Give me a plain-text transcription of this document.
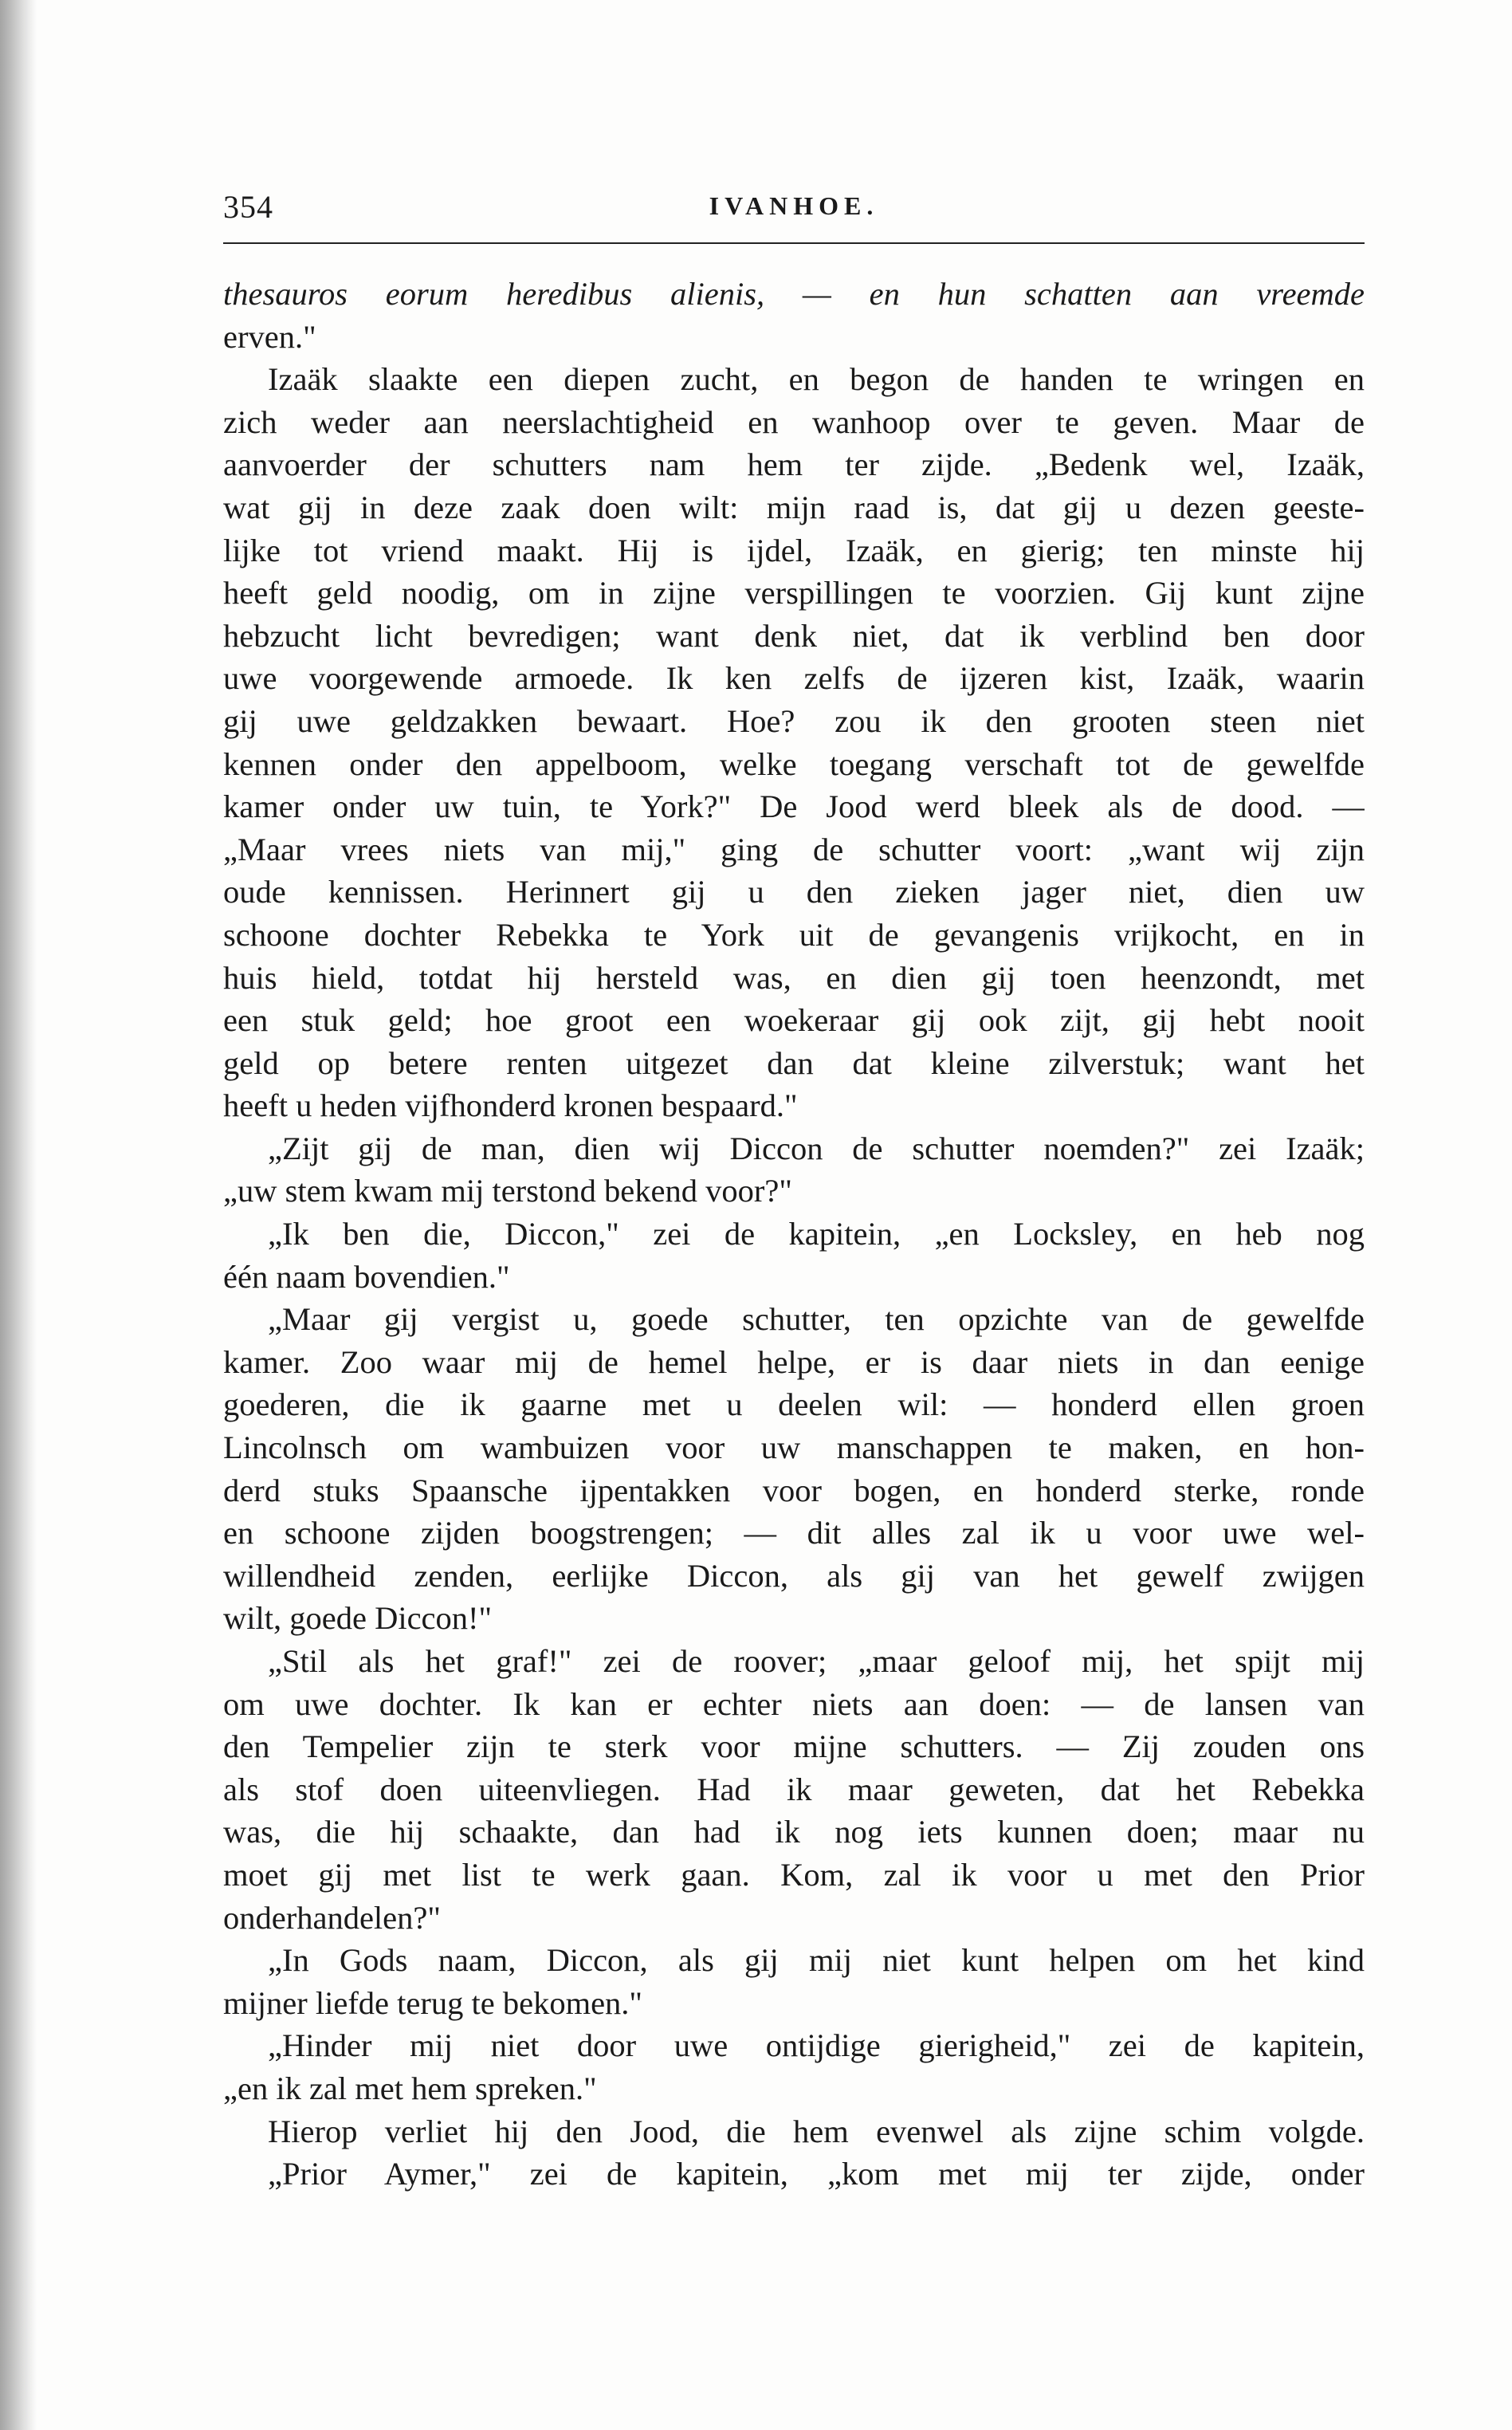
354	IVANHOE.
thesauros eorum heredibus alienis, — en hun schatten aan vreemde
erven."
Izaäk slaakte een diepen zucht, en begon de handen te wringen en
zich weder aan neerslachtigheid en wanhoop over te geven. Maar de
aanvoerder der schutters nam hem ter zijde. „Bedenk wel, Izaäk,
wat gij in deze zaak doen wilt: mijn raad is, dat gij u dezen geeste-
lijke tot vriend maakt. Hij is ijdel, Izaäk, en gierig; ten minste hij
heeft geld noodig, om in zijne verspillingen te voorzien. Gij kunt zijne
hebzucht licht bevredigen; want denk niet, dat ik verblind ben door
uwe voorgewende armoede. Ik ken zelfs de ijzeren kist, Izaäk, waarin
gij uwe geldzakken bewaart. Hoe? zou ik den grooten steen niet
kennen onder den appelboom, welke toegang verschaft tot de gewelfde
kamer onder uw tuin, te York?" De Jood werd bleek als de dood. —
„Maar vrees niets van mij," ging de schutter voort: „want wij zijn
oude kennissen. Herinnert gij u den zieken jager niet, dien uw
schoone dochter Rebekka te York uit de gevangenis vrijkocht, en in
huis hield, totdat hij hersteld was, en dien gij toen heenzondt, met
een stuk geld; hoe groot een woekeraar gij ook zijt, gij hebt nooit
geld op betere renten uitgezet dan dat kleine zilverstuk; want het
heeft u heden vijfhonderd kronen bespaard."
„Zijt gij de man, dien wij Diccon de schutter noemden?" zei Izaäk;
„uw stem kwam mij terstond bekend voor?"
„Ik ben die, Diccon," zei de kapitein, „en Locksley, en heb nog
één naam bovendien."
„Maar gij vergist u, goede schutter, ten opzichte van de gewelfde
kamer. Zoo waar mij de hemel helpe, er is daar niets in dan eenige
goederen, die ik gaarne met u deelen wil: — honderd ellen groen
Lincolnsch om wambuizen voor uw manschappen te maken, en hon-
derd stuks Spaansche ijpentakken voor bogen, en honderd sterke, ronde
en schoone zijden boogstrengen; — dit alles zal ik u voor uwe wel-
willendheid zenden, eerlijke Diccon, als gij van het gewelf zwijgen
wilt, goede Diccon!"
„Stil als het graf!" zei de roover; „maar geloof mij, het spijt mij
om uwe dochter. Ik kan er echter niets aan doen: — de lansen van
den Tempelier zijn te sterk voor mijne schutters. — Zij zouden ons
als stof doen uiteenvliegen. Had ik maar geweten, dat het Rebekka
was, die hij schaakte, dan had ik nog iets kunnen doen; maar nu
moet gij met list te werk gaan. Kom, zal ik voor u met den Prior
onderhandelen?"
„In Gods naam, Diccon, als gij mij niet kunt helpen om het kind
mijner liefde terug te bekomen."
„Hinder mij niet door uwe ontijdige gierigheid," zei de kapitein,
„en ik zal met hem spreken."
Hierop verliet hij den Jood, die hem evenwel als zijne schim volgde.
„Prior Aymer," zei de kapitein, „kom met mij ter zijde, onder
